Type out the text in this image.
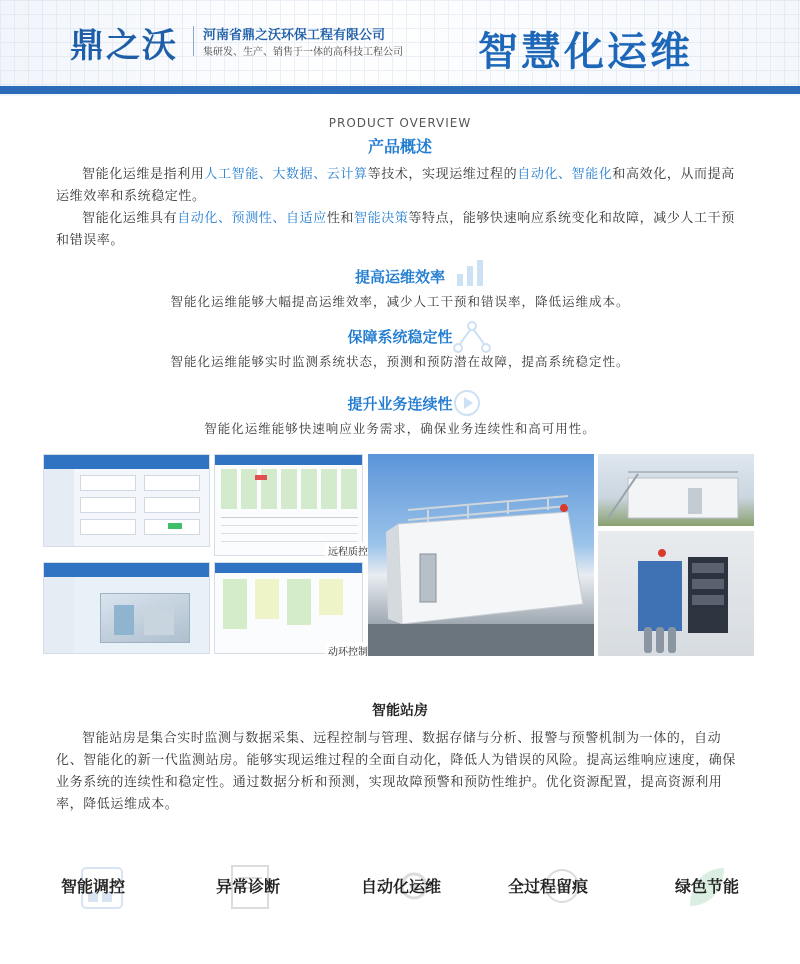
鼎之沃 河南省鼎之沃环保工程有限公司
集研发、生产、销售于一体的高科技工程公司 智慧化运维
PRODUCT OVERVIEW
产品概述
智能化运维是指利用人工智能、大数据、云计算等技术，实现运维过程的自动化、智能化和高效化，从而提高运维效率和系统稳定性。
智能化运维具有自动化、预测性、自适应性和智能决策等特点，能够快速响应系统变化和故障，减少人工干预和错误率。
提高运维效率
智能化运维能够大幅提高运维效率，减少人工干预和错误率，降低运维成本。
保障系统稳定性
智能化运维能够实时监测系统状态，预测和预防潜在故障，提高系统稳定性。
提升业务连续性
智能化运维能够快速响应业务需求，确保业务连续性和高可用性。
远程质控
动环控制
智能站房
智能站房是集合实时监测与数据采集、远程控制与管理、数据存储与分析、报警与预警机制为一体的，自动化、智能化的新一代监测站房。能够实现运维过程的全面自动化，降低人为错误的风险。提高运维响应速度，确保业务系统的连续性和稳定性。通过数据分析和预测，实现故障预警和预防性维护。优化资源配置，提高资源利用率，降低运维成本。
智能调控	异常诊断	自动化运维	全过程留痕	绿色节能
